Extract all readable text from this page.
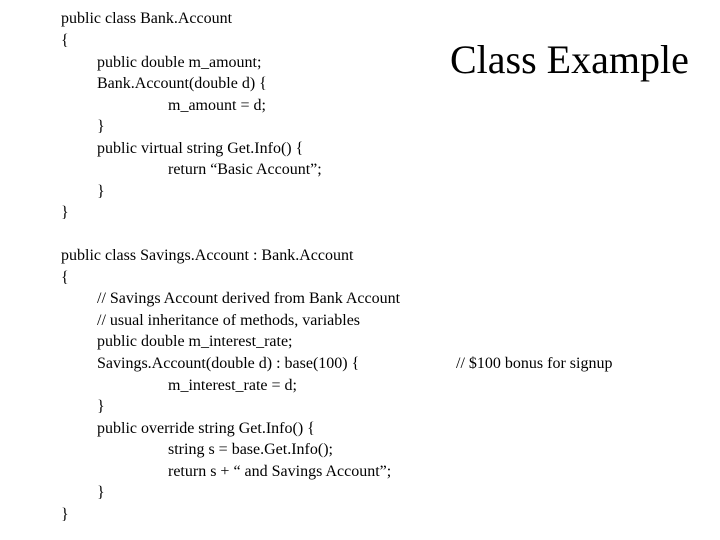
Class Example
public class Bank.Account
{
public double m_amount;
Bank.Account(double d) {
m_amount = d;
}
public virtual string Get.Info() {
return “Basic Account”;
}
}
public class Savings.Account : Bank.Account
{
// Savings Account derived from Bank Account
// usual inheritance of methods, variables
public double m_interest_rate;
Savings.Account(double d) : base(100) {
m_interest_rate = d;
}
public override string Get.Info() {
string s = base.Get.Info();
return s + “ and Savings Account”;
}
}
// $100 bonus for signup
